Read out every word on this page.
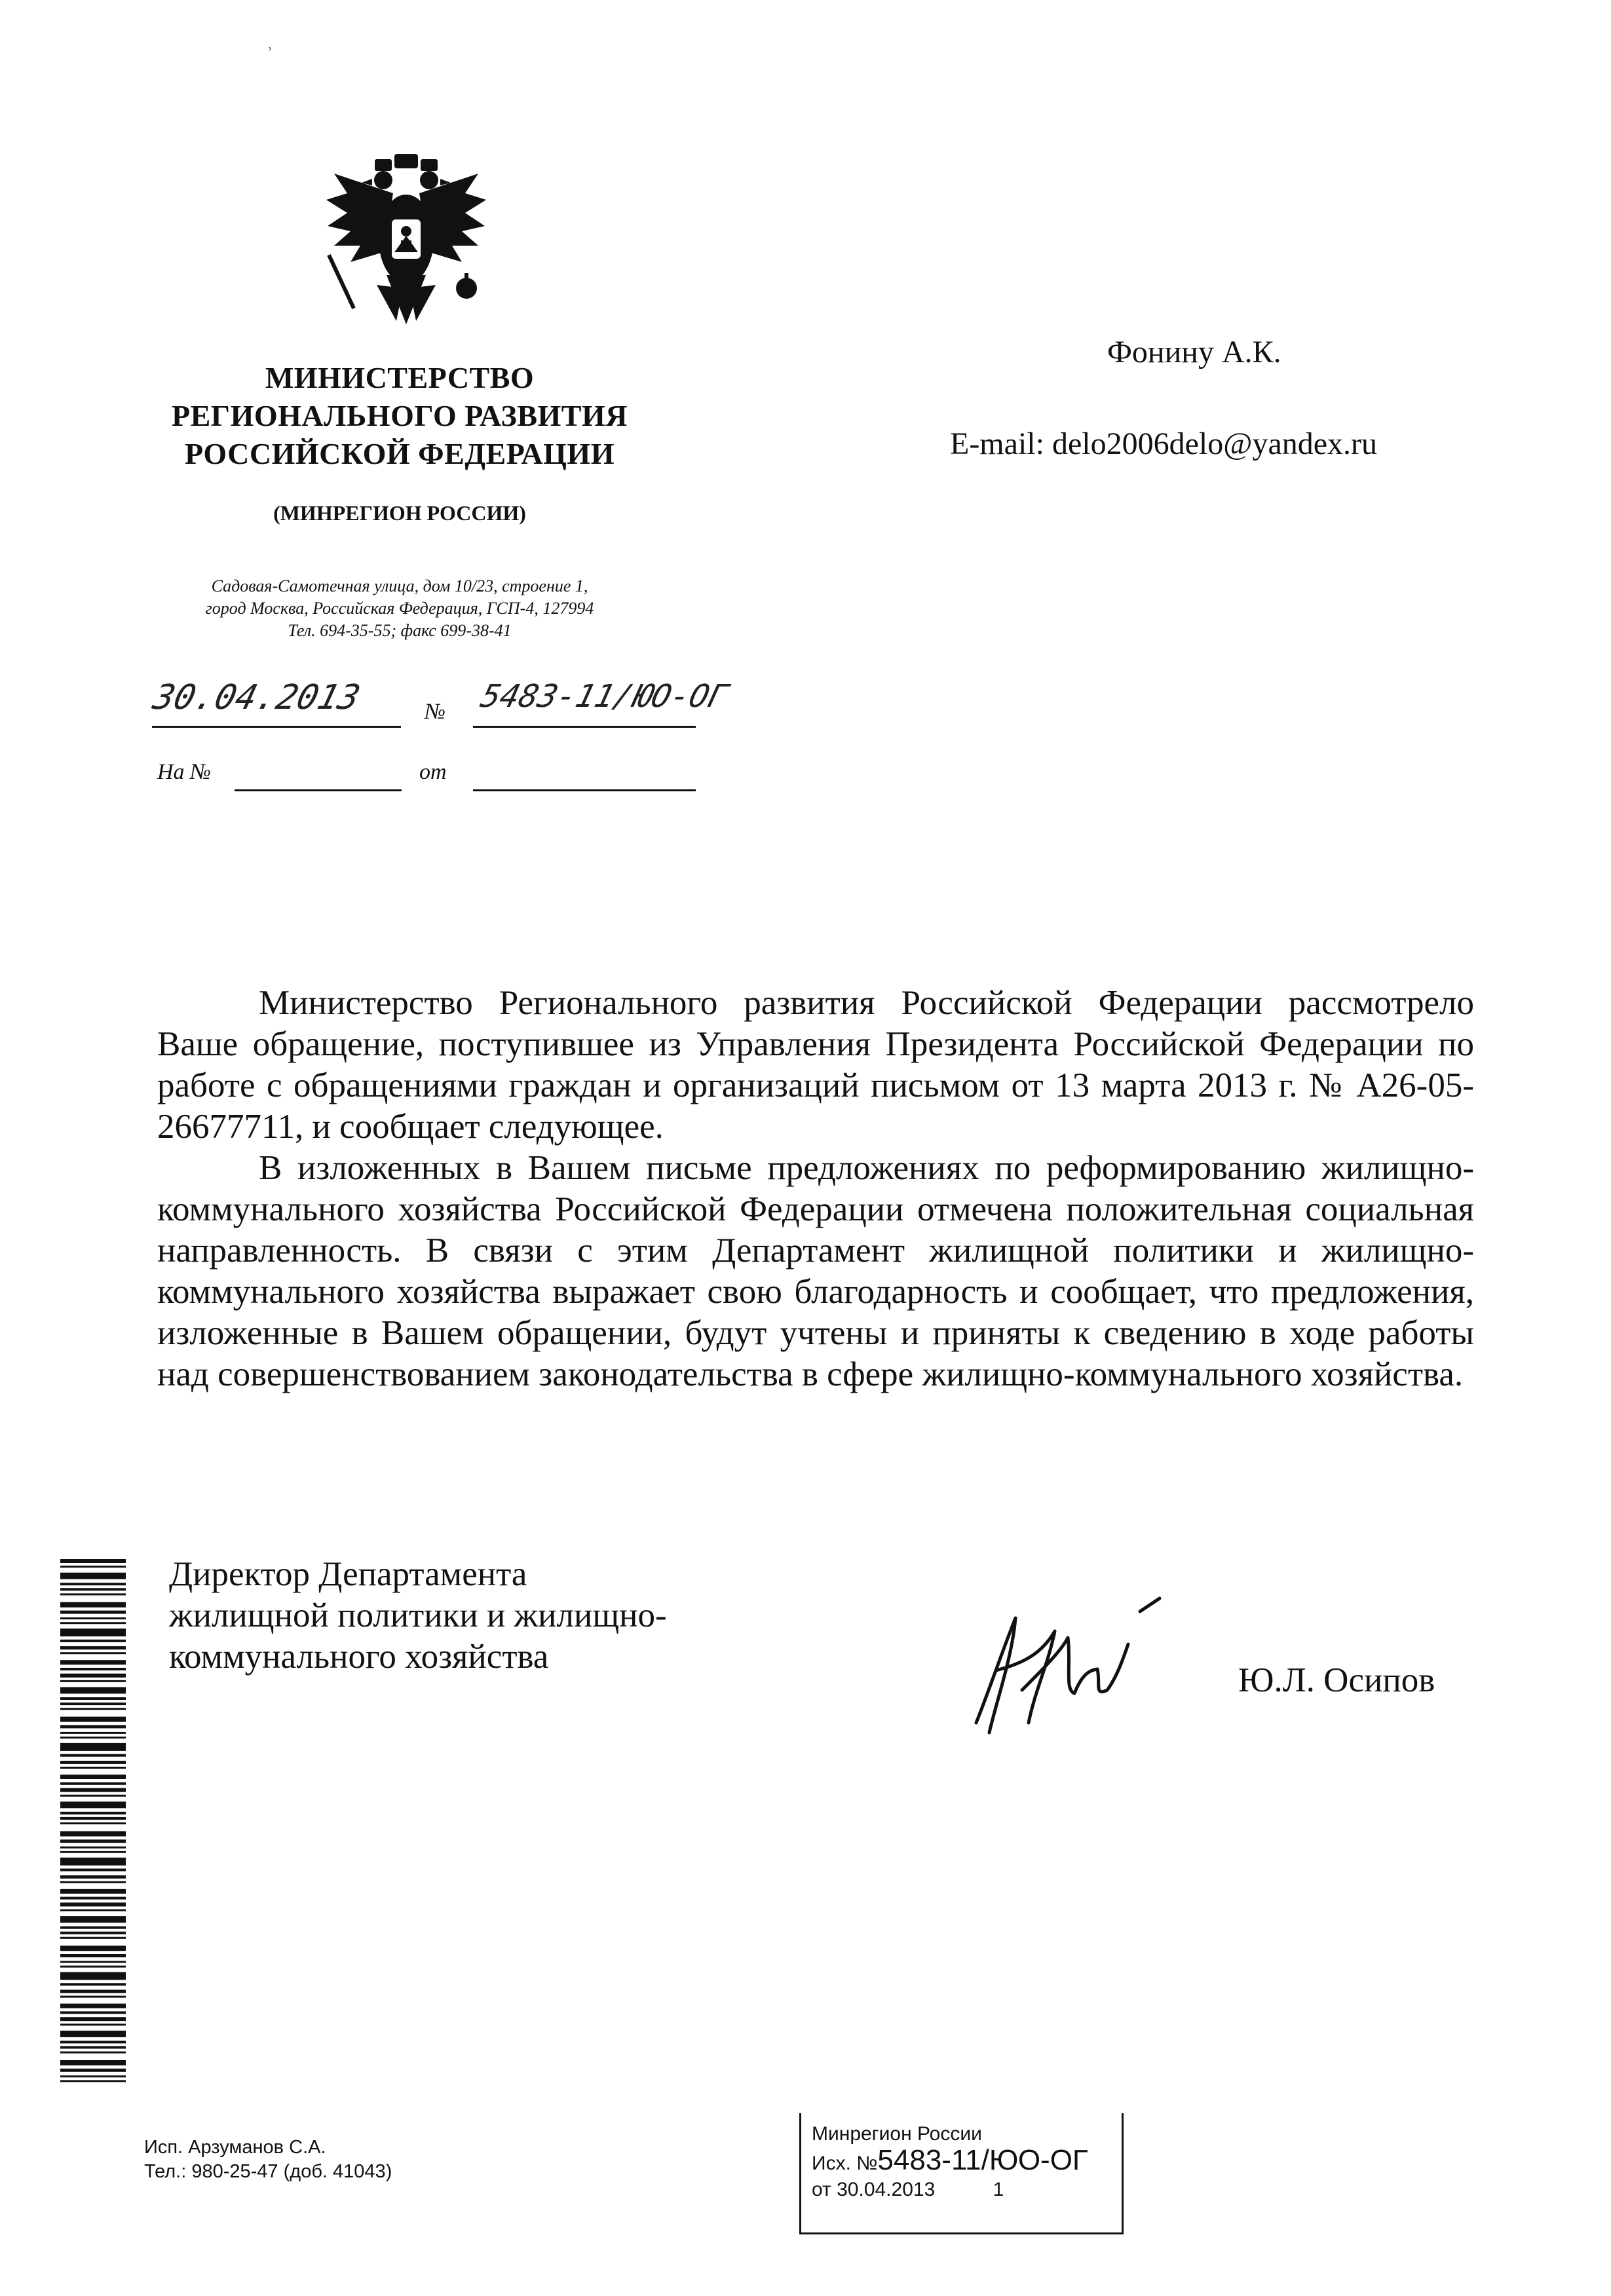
˒
МИНИСТЕРСТВО
РЕГИОНАЛЬНОГО РАЗВИТИЯ
РОССИЙСКОЙ ФЕДЕРАЦИИ
(МИНРЕГИОН РОССИИ)
Садовая-Самотечная улица, дом 10/23, строение 1,
город Москва, Российская Федерация, ГСП-4, 127994
Тел. 694-35-55; факс 699-38-41
30.04.2013	№ 5483-11/ЮО-ОГ
На №	от
Фонину А.К.
E-mail: delo2006delo@yandex.ru

Министерство Регионального развития Российской Федерации рассмотрело Ваше обращение, поступившее из Управления Президента Российской Федерации по работе с обращениями граждан и организаций письмом от 13 марта 2013 г. № А26-05-26677711, и сообщает следующее.

В изложенных в Вашем письме предложениях по реформированию жилищно-коммунального хозяйства Российской Федерации отмечена положительная социальная направленность. В связи с этим Департамент жилищной политики и жилищно-коммунального хозяйства выражает свою благодарность и сообщает, что предложения, изложенные в Вашем обращении, будут учтены и приняты к сведению в ходе работы над совершенствованием законодательства в сфере жилищно-коммунального хозяйства.

Директор Департамента
жилищной политики и жилищно-
коммунального хозяйства
Ю.Л. Осипов
Исп. Арзуманов С.А.
Тел.: 980-25-47 (доб. 41043)
Минрегион России
Исх. №5483-11/ЮО-ОГ
от 30.04.2013	1
